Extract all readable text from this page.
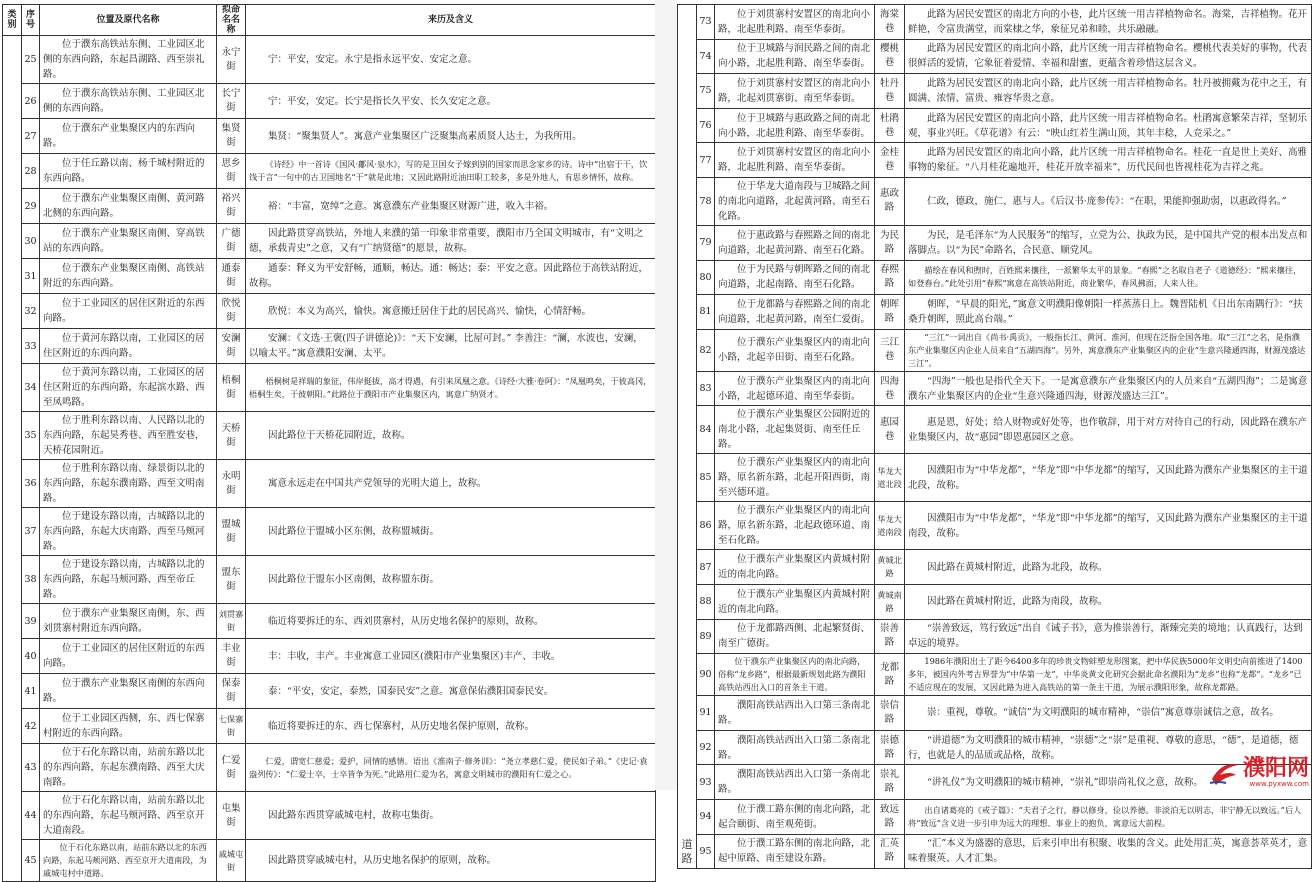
类别	序号	位置及原代名称	拟命名名称	来历及含义
	25	位于濮东高铁站东侧、工业园区北侧的东西向路，东起昌湖路、西至崇礼路。	永宁街	宁：平安，安定。永宁是指永远平安、安定之意。
	26	位于濮东高铁站东侧、工业园区北侧的东西向路。	长宁街	宁：平安，安定。长宁是指长久平安、长久安定之意。
	27	位于濮东产业集聚区内的东西向路。	集贤街	集贤：“聚集贤人”。寓意产业集聚区广泛聚集高素质贤人达士，为我所用。
	28	位于任丘路以南、杨千城村附近的东西向路。	思乡街	《诗经》中一首诗《国风·鄘风·泉水》，写的是卫国女子嫁到别的国家而思念家乡的诗。诗中“出宿于干，饮饯于言”一句中的古卫国地名“干”就是此地；又因此路附近油田职工较多，多是外地人，有思乡情怀，故称。
	29	位于濮东产业集聚区南侧、黄河路北侧的东西向路。	裕兴街	裕：“丰富，宽绰”之意。寓意濮东产业集聚区财源广进，收入丰裕。
	30	位于濮东产业集聚区南侧、穿高铁站的东西向路。	广德街	因此路贯穿高铁站，外地人来濮的第一印象非常重要，濮阳市乃全国文明城市，有“文明之德，承载青史”之意，又有“广纳贤德”的愿景，故称。
	31	位于濮东产业集聚区南侧、高铁站附近的东西向路。	通泰街	通泰：释义为平安舒畅，通顺，畅达。通：畅达；泰：平安之意。因此路位于高铁站附近，故称。
	32	位于工业园区的居住区附近的东西向路。	欣悦街	欣悦：本义为高兴，愉快。寓意搬迁居住于此的居民高兴、愉快，心情舒畅。
	33	位于黄河东路以南，工业园区的居住区附近的东西向路。	安澜街	安澜：《文选·王褒(四子讲德论)》：“天下安澜，比屋可封。” 李善注：“澜，水波也，安澜，以喻太平。”寓意濮阳安澜、太平。
	34	位于黄河东路以南，工业园区的居住区附近的东西向路，东起滨水路、西至凤鸣路。	梧桐街	梧桐树是祥瑞的象征，伟岸挺拔，高才得遇，有引来凤凰之意。《诗经·大雅·卷阿》：“凤凰鸣矣，于彼高冈，梧桐生矣，于彼朝阳。”此路位于濮阳市产业集聚区内，寓意广纳贤才。
	35	位于胜利东路以南、人民路以北的东西向路，东起昊秀巷、西至胜安巷，天桥花园附近。	天桥街	因此路位于天桥花园附近，故称。
	36	位于胜利东路以南、绿景街以北的东西向路，东起东濮南路、西至文明南路。	永明街	寓意永远走在中国共产党领导的光明大道上，故称。
	37	位于建设东路以南，古城路以北的东西向路，东起大庆南路、西至马颊河路。	盟城街	因此路位于盟城小区东侧，故称盟城街。
	38	位于建设东路以南，古城路以北的东西向路，东起马颊河路、西至帝丘路。	盟东街	因此路位于盟东小区南侧，故称盟东街。
	39	位于濮东产业集聚区南侧，东、西刘贯寨村附近东西向路。	刘贯寨街	临近将要拆迁的东、西刘贯寨村，从历史地名保护的原则，故称。
	40	位于工业园区的居住区附近的东西向路。	丰业街	丰：丰收，丰产。丰业寓意工业园区(濮阳市产业集聚区)丰产、丰收。
	41	位于濮东产业集聚区南侧的东西向路。	保泰街	泰：“平安，安定，泰然，国泰民安”之意。寓意保佑濮阳国泰民安。
	42	位于工业园区西侧，东、西七保寨村附近的东西向路。	七保寨街	临近将要拆迁的东、西七保寨村，从历史地名保护原则，故称。
	43	位于石化东路以南，站前东路以北的东西向路，东起东濮南路、西至大庆南路。	仁爱街	仁爱，谓宽仁慈爱；爱护，同情的感情。语出《淮南子·修务训》：“尧立孝慈仁爱，使民如子弟。”《史记·袁盎列传》：“仁爱士卒，士卒皆争为死。”此路用仁爱为名，寓意文明城市的濮阳有仁爱之心。
	44	位于石化东路以南，站前东路以北的东西向路，东起马颊河路、西至京开大道南段。	屯集街	因此路东西贯穿戚城屯村，故称屯集街。
	45	位于石化东路以南，站前东路以北的东西向路，东起马颊河路、西至京开大道南段，为戚城屯村中道路。	戚城屯街	因此路贯穿戚城屯村，从历史地名保护的原则，故称。
道路	73	位于刘贯寨村安置区的南北向小路，北起胜利路、南至华泰街。	海棠巷	此路为居民安置区的南北方向的小巷，此片区统一用吉祥植物命名。海棠，吉祥植物。花开鲜艳，令富贵满堂，而棠棣之华，象征兄弟和睦，共乐融融。
	74	位于卫城路与润民路之间的南北向小路，北起胜利路、南至华泰街。	樱桃巷	此路为居民安置区的南北向小路，此片区统一用吉祥植物命名。樱桃代表美好的事物，代表很鲜活的爱情，它象征着爱情、幸福和甜蜜，更蕴含着珍惜这层含义。
	75	位于刘贯寨村安置区的南北向小路，北起刘贯寨街、南至华泰街。	牡丹巷	此路为居民安置区的南北向小路，此片区统一用吉祥植物命名。牡丹被拥戴为花中之王，有圆满、浓情、富贵、雍容华贵之意。
	76	位于卫城路与惠政路之间的南北向小路，北起胜利路、南至华泰街。	杜鹃巷	此路为居民安置区的南北向小路，此片区统一用吉祥植物命名。杜鹃寓意繁荣吉祥，坚韧乐观，事业兴旺。《草花谱》有云：“映山红若生满山顶，其年丰稔，人竞采之。”
	77	位于刘贯寨村安置区的南北向小路，北起胜利路、南至华泰街。	金桂巷	此路为居民安置区的南北向小路，此片区统一用吉祥植物命名。桂花一直是世上美好、高雅事物的象征。“八月桂花遍地开，桂花开放幸福来”，历代民间也皆视桂花为吉祥之兆。
	78	位于华龙大道南段与卫城路之间的南北向道路，北起黄河路、南至石化路。	惠政路	仁政，德政，施仁、惠与人。《后汉书·庞参传》：“在职，果能抑强助弱，以惠政得名。”
	79	位于惠政路与春熙路之间的南北向道路，北起黄河路、南至石化路。	为民路	为民，是毛泽东“为人民服务”的缩写，立党为公、执政为民，是中国共产党的根本出发点和落脚点。以“为民”命路名，合民意、顺党风。
	80	位于为民路与朝晖路之间的南北向道路，北起南路、南至石化路。	春熙路	描绘在春风和煦时，百姓熙来攘往，一派繁华太平的景象。“春熙”之名取自老子《道德经》：“熙来攘往，如登春台。”此处引用“春熙”寓意在高铁站附近，商业繁华，春风拂面，人来人往。
	81	位于龙都路与春熙路之间的南北向道路，北起黄河路，南至仁爱街。	朝晖路	朝晖，“早晨的阳光，”寓意文明濮阳像朝阳一样蒸蒸日上。魏晋陆机《日出东南隅行》：“扶桑升朝晖，照此高台端。”
	82	位于濮东产业集聚区内的南北向小路，北起辛田街、南至石化路。	三江巷	“三江”一词出自《尚书·禹贡》，一般指长江、黄河、淮河，但现在泛指全国各地。取“三江”之名，是指濮东产业集聚区内企业人员来自“五湖四海”。另外，寓意濮东产业集聚区内的企业“生意兴隆通四海，财源茂盛达三江”。
	83	位于濮东产业集聚区内的南北向小路，北起德环道、南至华泰街。	四海巷	“四海”一般也是指代全天下。一是寓意濮东产业集聚区内的人员来自“五湖四海”；二是寓意濮东产业集聚区内的企业“生意兴隆通四海，财源茂盛达三江”。
	84	位于濮东产业集聚区公园附近的南北小路，北起集贤街、南至任丘路。	惠园巷	惠是恩，好处；给人财物或好处等，也作敬辞，用于对方对待自己的行动，因此路在濮东产业集聚区内，故“惠园”即恩惠园区之意。
	85	位于濮东产业集聚区内的南北向路，原名新东路，北起开阳西街，南至兴德环道。	华龙大道北段	因濮阳市为“中华龙都”，“华龙”即“中华龙都”的缩写，又因此路为濮东产业集聚区的主干道北段，故称。
	86	位于濮东产业集聚区内的南北向路，原名新东路，北起政德环道、南至石化路。	华龙大道南段	因濮阳市为“中华龙都”，“华龙”即“中华龙都”的缩写，又因此路为濮东产业集聚区的主干道南段，故称。
	87	位于濮东产业集聚区内黄城村附近的南北向路。	黄城北路	因此路在黄城村附近，此路为北段，故称。
	88	位于濮东产业集聚区内黄城村附近的南北向路。	黄城南路	因此路在黄城村附近，此路为南段，故称。
	89	位于龙都路西侧、北起繁贤街、南至广德街。	崇善路	“崇善致远，笃行致远”出自《诫子书》，意为推崇善行，渐臻完美的境地；认真践行，达到卓远的境界。
	90	位于濮东产业集聚区内的南北向路，俗称“龙乡路”，根据最新规划此路为濮阳高铁站西出入口的首条主干道。	龙都路	1986年濮阳出土了距今6400多年的珍贵文物蚌塑龙形图案，把中华民族5000年文明史向前推进了1400多年，被国内外考古界誉为“中华第一龙”，中华炎黄文化研究会据此命名濮阳为“龙乡”也称“龙都”。“龙乡”已不适应现在的发展，又因此路为进入高铁站的第一条主干道，为展示濮阳形象，故称龙都路。
	91	濮阳高铁站西出入口第三条南北路。	崇信路	崇：重视，尊敬。“诚信”为文明濮阳的城市精神，“崇信”寓意尊崇诚信之意，故名。
	92	濮阳高铁站西出入口第二条南北路。	崇德路	“讲道德”为文明濮阳的城市精神，“崇德”之“崇”是重视、尊敬的意思，“德”，是道德，德行，也就是人的品质或品格，故称。
	93	濮阳高铁站西出入口第一条南北路。	崇礼路	“讲礼仪”为文明濮阳的城市精神，“崇礼”即崇尚礼仪之意，故称。
	94	位于濮工路东侧的南北向路，北起合颐街、南至观苑街。	致远路	出自诸葛亮的《戒子篇》：“夫君子之行，静以修身，俭以养德。非淡泊无以明志，非宁静无以致远。”后人将“致远”含义进一步引申为远大的理想、事业上的抱负，寓意远大前程。
	95	位于濮工路东侧的南北向路，北起中原路、南至建设东路。	汇英路	“汇”本义为盛器的意思，后来引申出有积聚、收集的含义。此处用汇英，寓意荟萃英才，意味着聚英、人才汇集。
濮阳网
www.pyxww.com
